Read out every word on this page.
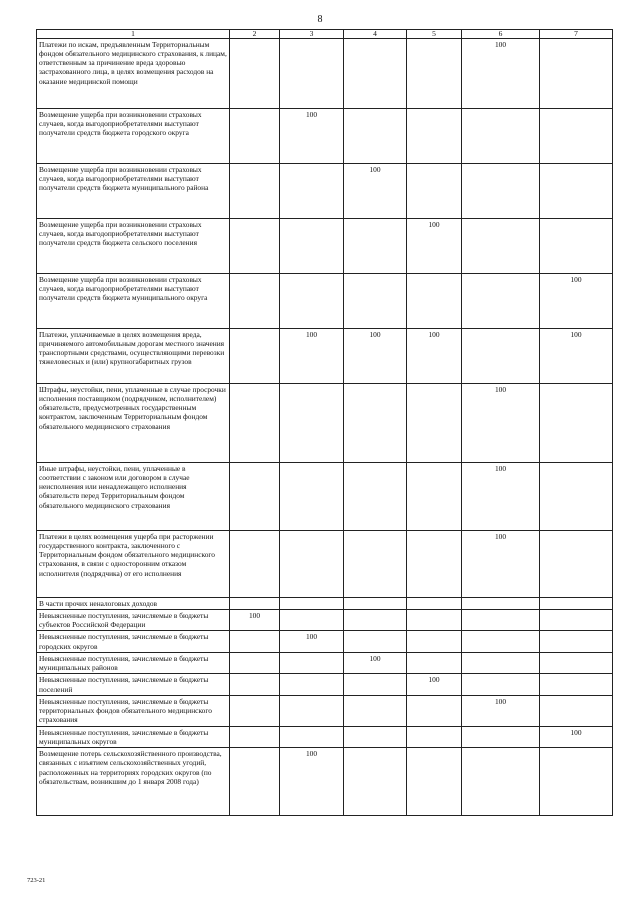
8
1	2	3	4	5	6	7
Платежи по искам, предъявленным Территориальным фондом обязательного медицинского страхования, к лицам, ответственным за причинение вреда здоровью застрахованного лица, в целях возмещения расходов на оказание медицинской помощи					100	
Возмещение ущерба при возникновении страховых случаев, когда выгодоприобретателями выступают получатели средств бюджета городского округа		100				
Возмещение ущерба при возникновении страховых случаев, когда выгодоприобретателями выступают получатели средств бюджета муниципального района			100			
Возмещение ущерба при возникновении страховых случаев, когда выгодоприобретателями выступают получатели средств бюджета сельского поселения				100		
Возмещение ущерба при возникновении страховых случаев, когда выгодоприобретателями выступают получатели средств бюджета муниципального округа						100
Платежи, уплачиваемые в целях возмещения вреда, причиняемого автомобильным дорогам местного значения транспортными средствами, осуществляющими перевозки тяжеловесных и (или) крупногабаритных грузов		100	100	100		100
Штрафы, неустойки, пени, уплаченные в случае просрочки исполнения поставщиком (подрядчиком, исполнителем) обязательств, предусмотренных государственным контрактом, заключенным Территориальным фондом обязательного медицинского страхования					100	
Иные штрафы, неустойки, пени, уплаченные в соответствии с законом или договором в случае неисполнения или ненадлежащего исполнения обязательств перед Территориальным фондом обязательного медицинского страхования					100	
Платежи в целях возмещения ущерба при расторжении государственного контракта, заключенного с Территориальным фондом обязательного медицинского страхования, в связи с односторонним отказом исполнителя (подрядчика) от его исполнения					100	
В части прочих неналоговых доходов						
Невыясненные поступления, зачисляемые в бюджеты субъектов Российской Федерации	100					
Невыясненные поступления, зачисляемые в бюджеты городских округов		100				
Невыясненные поступления, зачисляемые в бюджеты муниципальных районов			100			
Невыясненные поступления, зачисляемые в бюджеты поселений				100		
Невыясненные поступления, зачисляемые в бюджеты территориальных фондов обязательного медицинского страхования					100	
Невыясненные поступления, зачисляемые в бюджеты муниципальных округов						100
Возмещение потерь сельскохозяйственного производства, связанных с изъятием сельскохозяйственных угодий, расположенных на территориях городских округов (по обязательствам, возникшим до 1 января 2008 года)		100				
723-21
